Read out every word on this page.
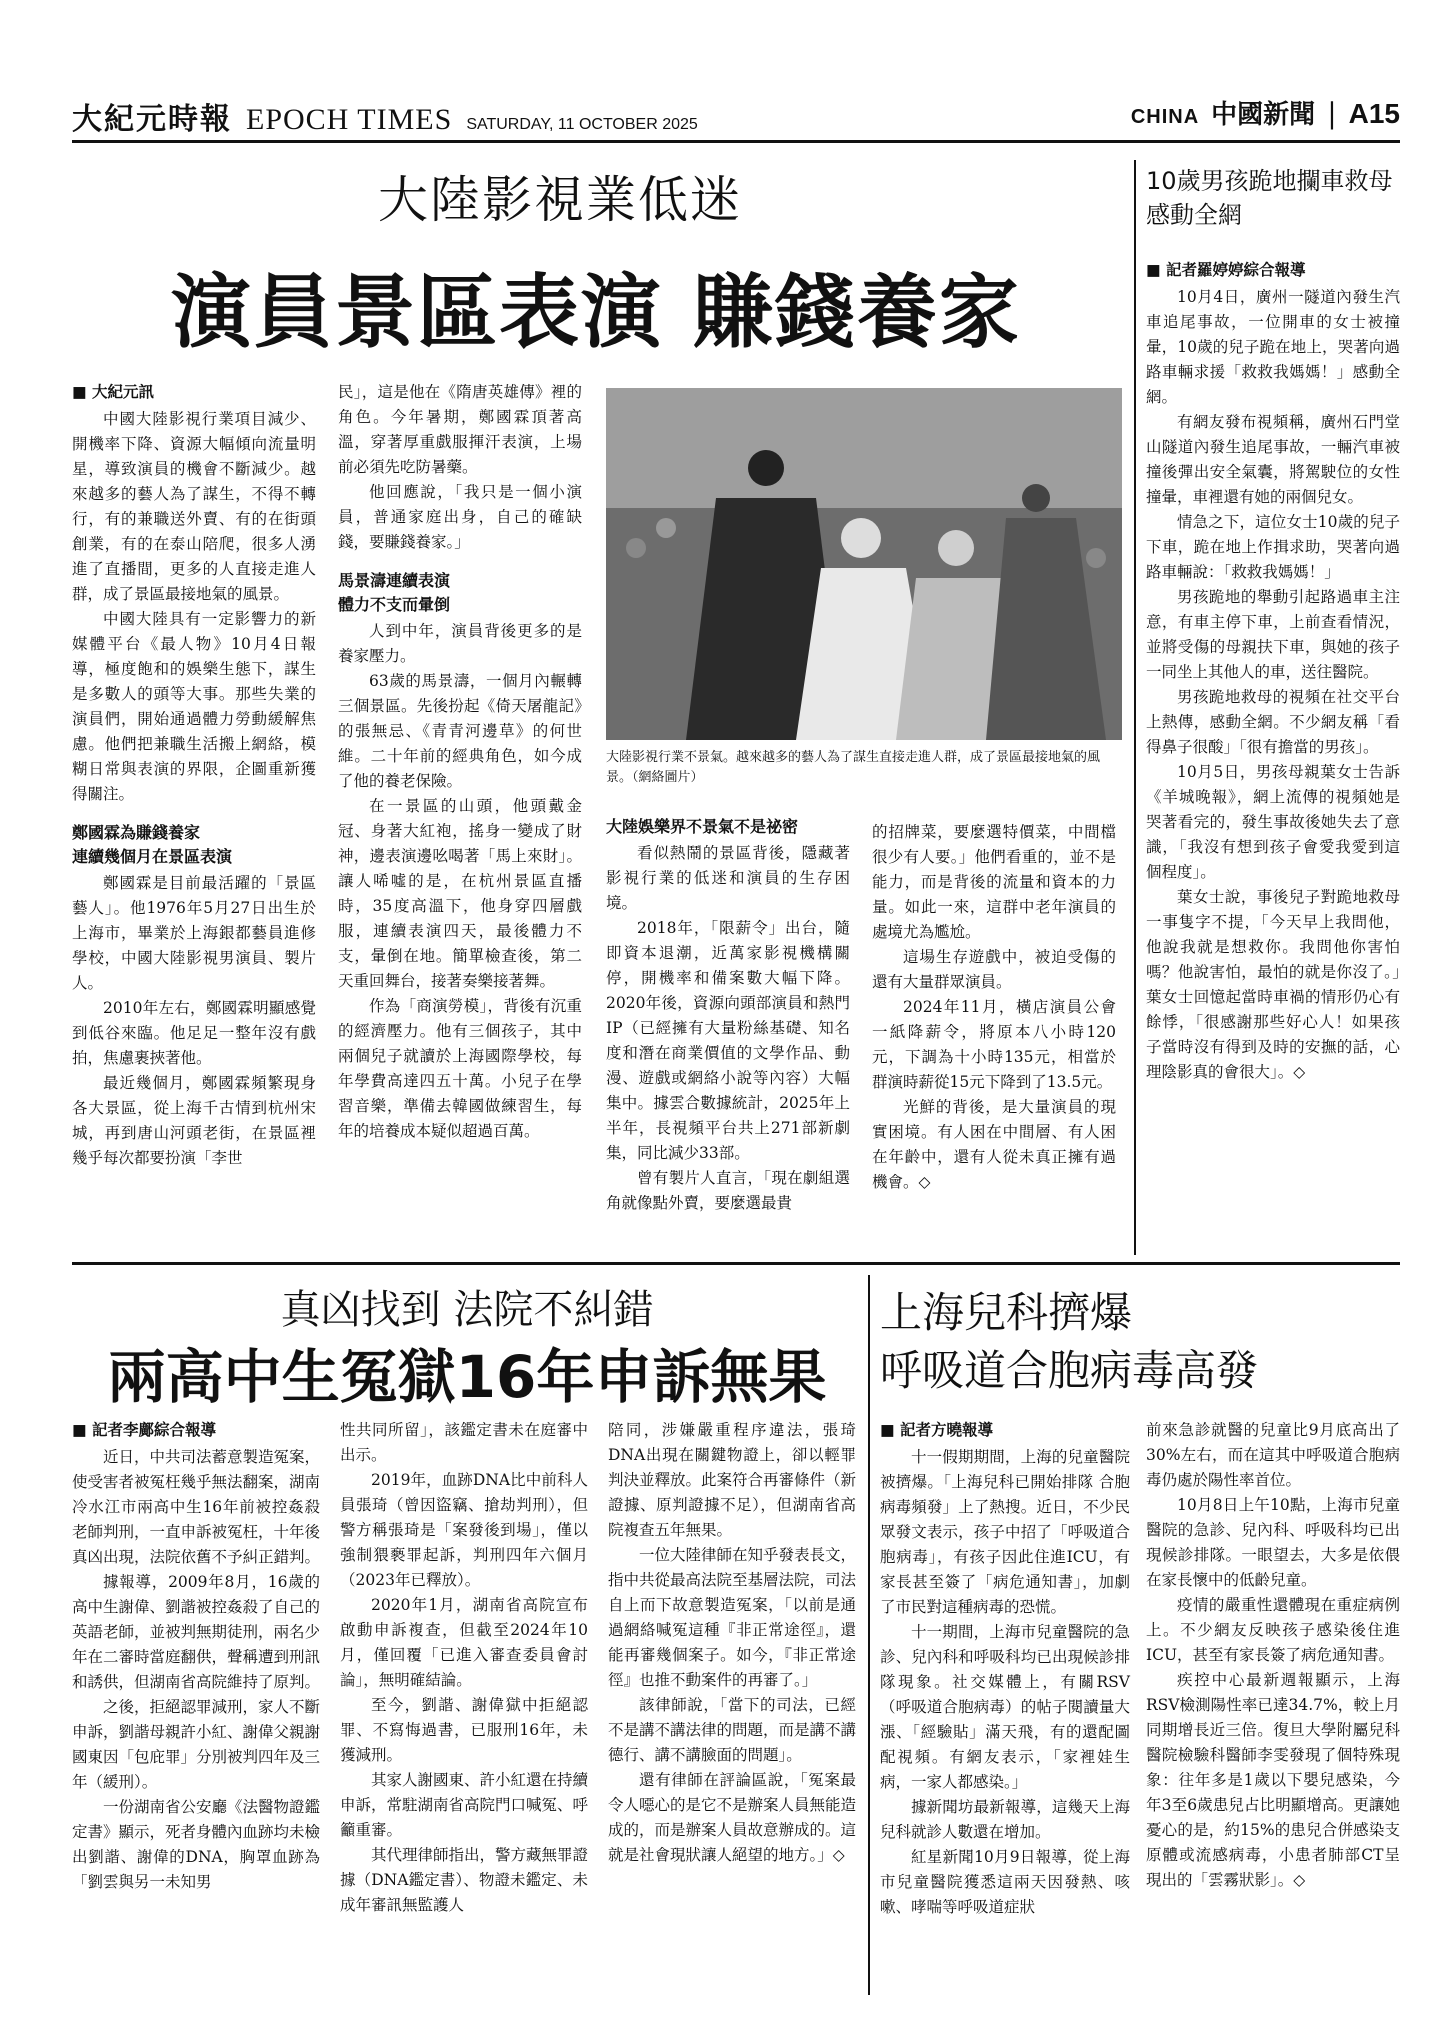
大紀元時報 EPOCH TIMES SATURDAY, 11 OCTOBER 2025	CHINA 中國新聞 | A15
大陸影視業低迷
演員景區表演 賺錢養家
■ 大紀元訊

中國大陸影視行業項目減少、開機率下降、資源大幅傾向流量明星，導致演員的機會不斷減少。越來越多的藝人為了謀生，不得不轉行，有的兼職送外賣、有的在街頭創業，有的在泰山陪爬，很多人湧進了直播間，更多的人直接走進人群，成了景區最接地氣的風景。

中國大陸具有一定影響力的新媒體平台《最人物》10月4日報導，極度飽和的娛樂生態下，謀生是多數人的頭等大事。那些失業的演員們，開始通過體力勞動緩解焦慮。他們把兼職生活搬上網絡，模糊日常與表演的界限，企圖重新獲得關注。

鄭國霖為賺錢養家
連續幾個月在景區表演

鄭國霖是目前最活躍的「景區藝人」。他1976年5月27日出生於上海市，畢業於上海銀都藝員進修學校，中國大陸影視男演員、製片人。

2010年左右，鄭國霖明顯感覺到低谷來臨。他足足一整年沒有戲拍，焦慮裹挾著他。

最近幾個月，鄭國霖頻繁現身各大景區，從上海千古情到杭州宋城，再到唐山河頭老街，在景區裡幾乎每次都要扮演「李世

民」，這是他在《隋唐英雄傳》裡的角色。今年暑期，鄭國霖頂著高溫，穿著厚重戲服揮汗表演，上場前必須先吃防暑藥。

他回應說，「我只是一個小演員，普通家庭出身，自己的確缺錢，要賺錢養家。」

馬景濤連續表演
體力不支而暈倒

人到中年，演員背後更多的是養家壓力。

63歲的馬景濤，一個月內輾轉三個景區。先後扮起《倚天屠龍記》的張無忌、《青青河邊草》的何世維。二十年前的經典角色，如今成了他的養老保險。

在一景區的山頭，他頭戴金冠、身著大紅袍，搖身一變成了財神，邊表演邊吆喝著「馬上來財」。讓人唏噓的是，在杭州景區直播時，35度高溫下，他身穿四層戲服，連續表演四天，最後體力不支，暈倒在地。簡單檢查後，第二天重回舞台，接著奏樂接著舞。

作為「商演勞模」，背後有沉重的經濟壓力。他有三個孩子，其中兩個兒子就讀於上海國際學校，每年學費高達四五十萬。小兒子在學習音樂，準備去韓國做練習生，每年的培養成本疑似超過百萬。

大陸影視行業不景氣。越來越多的藝人為了謀生直接走進人群，成了景區最接地氣的風景。（網絡圖片）
大陸娛樂界不景氣不是祕密

看似熱鬧的景區背後，隱藏著影視行業的低迷和演員的生存困境。

2018年，「限薪令」出台，隨即資本退潮，近萬家影視機構關停，開機率和備案數大幅下降。2020年後，資源向頭部演員和熱門IP（已經擁有大量粉絲基礎、知名度和潛在商業價值的文學作品、動漫、遊戲或網絡小說等內容）大幅集中。據雲合數據統計，2025年上半年，長視頻平台共上271部新劇集，同比減少33部。

曾有製片人直言，「現在劇組選角就像點外賣，要麼選最貴

的招牌菜，要麼選特價菜，中間檔很少有人要。」他們看重的，並不是能力，而是背後的流量和資本的力量。如此一來，這群中老年演員的處境尤為尷尬。

這場生存遊戲中，被迫受傷的還有大量群眾演員。

2024年11月，橫店演員公會一紙降薪令，將原本八小時120元，下調為十小時135元，相當於群演時薪從15元下降到了13.5元。

光鮮的背後，是大量演員的現實困境。有人困在中間層、有人困在年齡中，還有人從未真正擁有過機會。◇

10歲男孩跪地攔車救母感動全網
■ 記者羅婷婷綜合報導

10月4日，廣州一隧道內發生汽車追尾事故，一位開車的女士被撞暈，10歲的兒子跪在地上，哭著向過路車輛求援「救救我媽媽！」感動全網。

有網友發布視頻稱，廣州石門堂山隧道內發生追尾事故，一輛汽車被撞後彈出安全氣囊，將駕駛位的女性撞暈，車裡還有她的兩個兒女。

情急之下，這位女士10歲的兒子下車，跪在地上作揖求助，哭著向過路車輛說：「救救我媽媽！」

男孩跪地的舉動引起路過車主注意，有車主停下車，上前查看情況，並將受傷的母親扶下車，與她的孩子一同坐上其他人的車，送往醫院。

男孩跪地救母的視頻在社交平台上熱傳，感動全網。不少網友稱「看得鼻子很酸」「很有擔當的男孩」。

10月5日，男孩母親葉女士告訴《羊城晚報》，網上流傳的視頻她是哭著看完的，發生事故後她失去了意識，「我沒有想到孩子會愛我愛到這個程度」。

葉女士說，事後兒子對跪地救母一事隻字不提，「今天早上我問他，他說我就是想救你。我問他你害怕嗎？他說害怕，最怕的就是你沒了。」葉女士回憶起當時車禍的情形仍心有餘悸，「很感謝那些好心人！如果孩子當時沒有得到及時的安撫的話，心理陰影真的會很大」。◇

真凶找到 法院不糾錯
兩高中生冤獄16年申訴無果
■ 記者李鄺綜合報導

近日，中共司法蓄意製造冤案，使受害者被冤枉幾乎無法翻案，湖南冷水江市兩高中生16年前被控姦殺老師判刑，一直申訴被冤枉，十年後真凶出現，法院依舊不予糾正錯判。

據報導，2009年8月，16歲的高中生謝偉、劉諧被控姦殺了自己的英語老師，並被判無期徒刑，兩名少年在二審時當庭翻供，聲稱遭到刑訊和誘供，但湖南省高院維持了原判。

之後，拒絕認罪減刑，家人不斷申訴，劉諧母親許小紅、謝偉父親謝國東因「包庇罪」分別被判四年及三年（緩刑）。

一份湖南省公安廳《法醫物證鑑定書》顯示，死者身體內血跡均未檢出劉諧、謝偉的DNA，胸罩血跡為「劉雲與另一未知男

性共同所留」，該鑑定書未在庭審中出示。

2019年，血跡DNA比中前科人員張琦（曾因盜竊、搶劫判刑），但警方稱張琦是「案發後到場」，僅以強制猥褻罪起訴，判刑四年六個月（2023年已釋放）。

2020年1月，湖南省高院宣布啟動申訴複查，但截至2024年10月，僅回覆「已進入審查委員會討論」，無明確結論。

至今，劉諧、謝偉獄中拒絕認罪、不寫悔過書，已服刑16年，未獲減刑。

其家人謝國東、許小紅還在持續申訴，常駐湖南省高院門口喊冤、呼籲重審。

其代理律師指出，警方藏無罪證據（DNA鑑定書）、物證未鑑定、未成年審訊無監護人

陪同，涉嫌嚴重程序違法，張琦DNA出現在關鍵物證上，卻以輕罪判決並釋放。此案符合再審條件（新證據、原判證據不足），但湖南省高院複查五年無果。

一位大陸律師在知乎發表長文，指中共從最高法院至基層法院，司法自上而下故意製造冤案，「以前是通過網絡喊冤這種『非正常途徑』，還能再審幾個案子。如今，『非正常途徑』也推不動案件的再審了。」

該律師說，「當下的司法，已經不是講不講法律的問題，而是講不講德行、講不講臉面的問題」。

還有律師在評論區說，「冤案最令人噁心的是它不是辦案人員無能造成的，而是辦案人員故意辦成的。這就是社會現狀讓人絕望的地方。」◇

上海兒科擠爆
呼吸道合胞病毒高發
■ 記者方曉報導

十一假期期間，上海的兒童醫院被擠爆。「上海兒科已開始排隊 合胞病毒頻發」上了熱搜。近日，不少民眾發文表示，孩子中招了「呼吸道合胞病毒」，有孩子因此住進ICU，有家長甚至簽了「病危通知書」，加劇了市民對這種病毒的恐慌。

十一期間，上海市兒童醫院的急診、兒內科和呼吸科均已出現候診排隊現象。社交媒體上，有關RSV（呼吸道合胞病毒）的帖子閱讀量大漲、「經驗貼」滿天飛，有的還配圖配視頻。有網友表示，「家裡娃生病，一家人都感染。」

據新聞坊最新報導，這幾天上海兒科就診人數還在增加。

紅星新聞10月9日報導，從上海市兒童醫院獲悉這兩天因發熱、咳嗽、哮喘等呼吸道症狀

前來急診就醫的兒童比9月底高出了30%左右，而在這其中呼吸道合胞病毒仍處於陽性率首位。

10月8日上午10點，上海市兒童醫院的急診、兒內科、呼吸科均已出現候診排隊。一眼望去，大多是依偎在家長懷中的低齡兒童。

疫情的嚴重性還體現在重症病例上。不少網友反映孩子感染後住進ICU，甚至有家長簽了病危通知書。

疾控中心最新週報顯示，上海RSV檢測陽性率已達34.7%，較上月同期增長近三倍。復旦大學附屬兒科醫院檢驗科醫師李雯發現了個特殊現象：往年多是1歲以下嬰兒感染，今年3至6歲患兒占比明顯增高。更讓她憂心的是，約15%的患兒合併感染支原體或流感病毒，小患者肺部CT呈現出的「雲霧狀影」。◇
